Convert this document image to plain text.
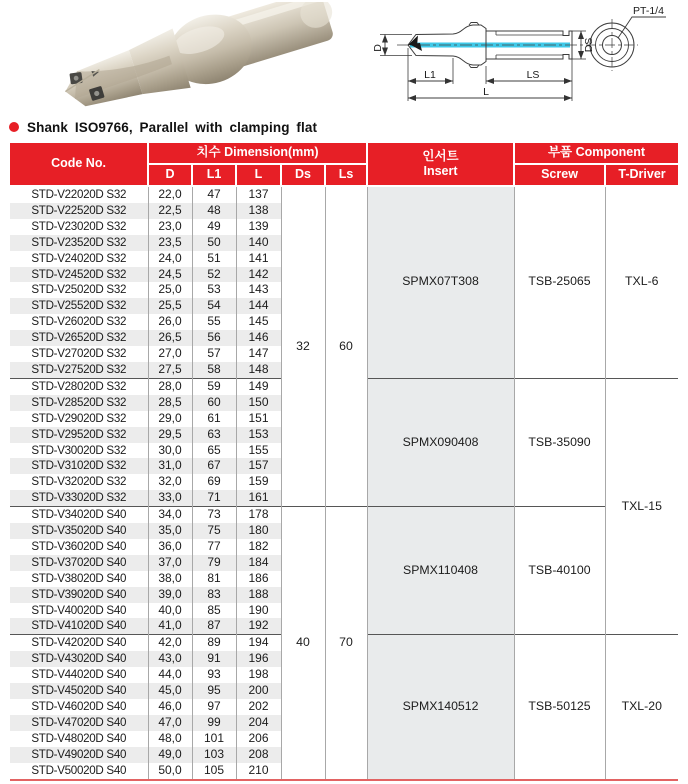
D
L1	LS
L
DS
PT-1/4
Shank ISO9766, Parallel with clamping flat
Code No.	치수 Dimension(mm)					인서트
Insert	부품 Component	
	D	L1	L	Ds	Ls		Screw	T-Driver
STD-V22020D S32	22,0	47	137	32	60	SPMX07T308	TSB-25065	TXL-6
STD-V22520D S32	22,5	48	138					
STD-V23020D S32	23,0	49	139					
STD-V23520D S32	23,5	50	140					
STD-V24020D S32	24,0	51	141					
STD-V24520D S32	24,5	52	142					
STD-V25020D S32	25,0	53	143					
STD-V25520D S32	25,5	54	144					
STD-V26020D S32	26,0	55	145					
STD-V26520D S32	26,5	56	146					
STD-V27020D S32	27,0	57	147					
STD-V27520D S32	27,5	58	148					
STD-V28020D S32	28,0	59	149			SPMX090408	TSB-35090	TXL-15
STD-V28520D S32	28,5	60	150					
STD-V29020D S32	29,0	61	151					
STD-V29520D S32	29,5	63	153					
STD-V30020D S32	30,0	65	155					
STD-V31020D S32	31,0	67	157					
STD-V32020D S32	32,0	69	159					
STD-V33020D S32	33,0	71	161					
STD-V34020D S40	34,0	73	178	40	70	SPMX110408	TSB-40100	
STD-V35020D S40	35,0	75	180					
STD-V36020D S40	36,0	77	182					
STD-V37020D S40	37,0	79	184					
STD-V38020D S40	38,0	81	186					
STD-V39020D S40	39,0	83	188					
STD-V40020D S40	40,0	85	190					
STD-V41020D S40	41,0	87	192					
STD-V42020D S40	42,0	89	194			SPMX140512	TSB-50125	TXL-20
STD-V43020D S40	43,0	91	196					
STD-V44020D S40	44,0	93	198					
STD-V45020D S40	45,0	95	200					
STD-V46020D S40	46,0	97	202					
STD-V47020D S40	47,0	99	204					
STD-V48020D S40	48,0	101	206					
STD-V49020D S40	49,0	103	208					
STD-V50020D S40	50,0	105	210					
